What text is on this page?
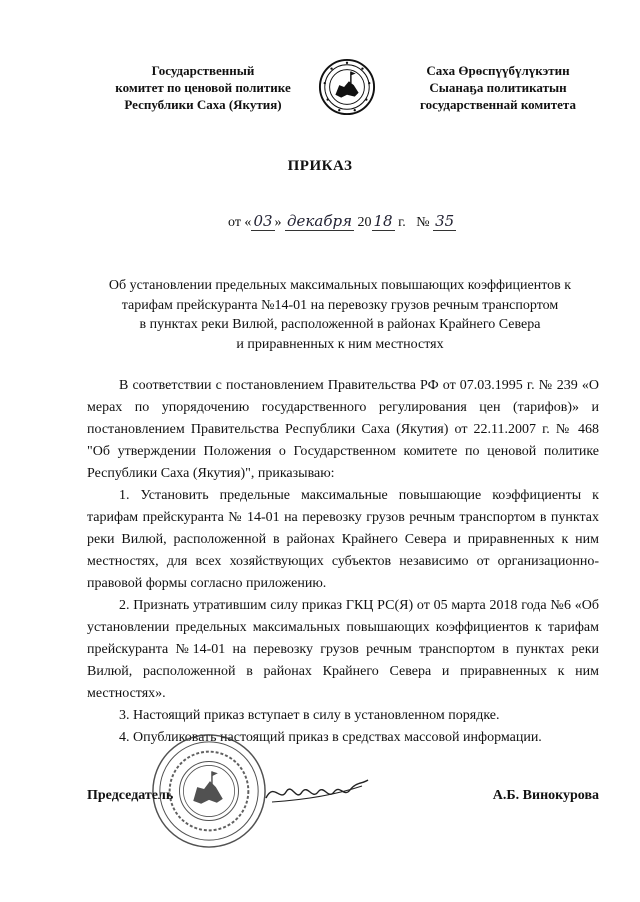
Государственный
комитет по ценовой политике
Республики Саха (Якутия)
Саха Өрөспүүбүлүкэтин
Сыанаҕа политикатын
государственнай комитета
ПРИКАЗ
от « 03 » декабря 20 18 г. № 35
Об установлении предельных максимальных повышающих коэффициентов к
тарифам прейскуранта №14-01 на перевозку грузов речным транспортом
в пунктах реки Вилюй, расположенной в районах Крайнего Севера
и приравненных к ним местностях

В соответствии с постановлением Правительства РФ от 07.03.1995 г. № 239 «О мерах по упорядочению государственного регулирования цен (тарифов)» и постановлением Правительства Республики Саха (Якутия) от 22.11.2007 г. № 468 "Об утверждении Положения о Государственном комитете по ценовой политике Республики Саха (Якутия)", приказываю:

1. Установить предельные максимальные повышающие коэффициенты к тарифам прейскуранта № 14-01 на перевозку грузов речным транспортом в пунктах реки Вилюй, расположенной в районах Крайнего Севера и приравненных к ним местностях, для всех хозяйствующих субъектов независимо от организационно-правовой формы согласно приложению.

2. Признать утратившим силу приказ ГКЦ РС(Я) от 05 марта 2018 года №6 «Об установлении предельных максимальных повышающих коэффициентов к тарифам прейскуранта №14-01 на перевозку грузов речным транспортом в пунктах реки Вилюй, расположенной в районах Крайнего Севера и приравненных к ним местностях».

3. Настоящий приказ вступает в силу в установленном порядке.

4. Опубликовать настоящий приказ в средствах массовой информации.

Председатель	А.Б. Винокурова
